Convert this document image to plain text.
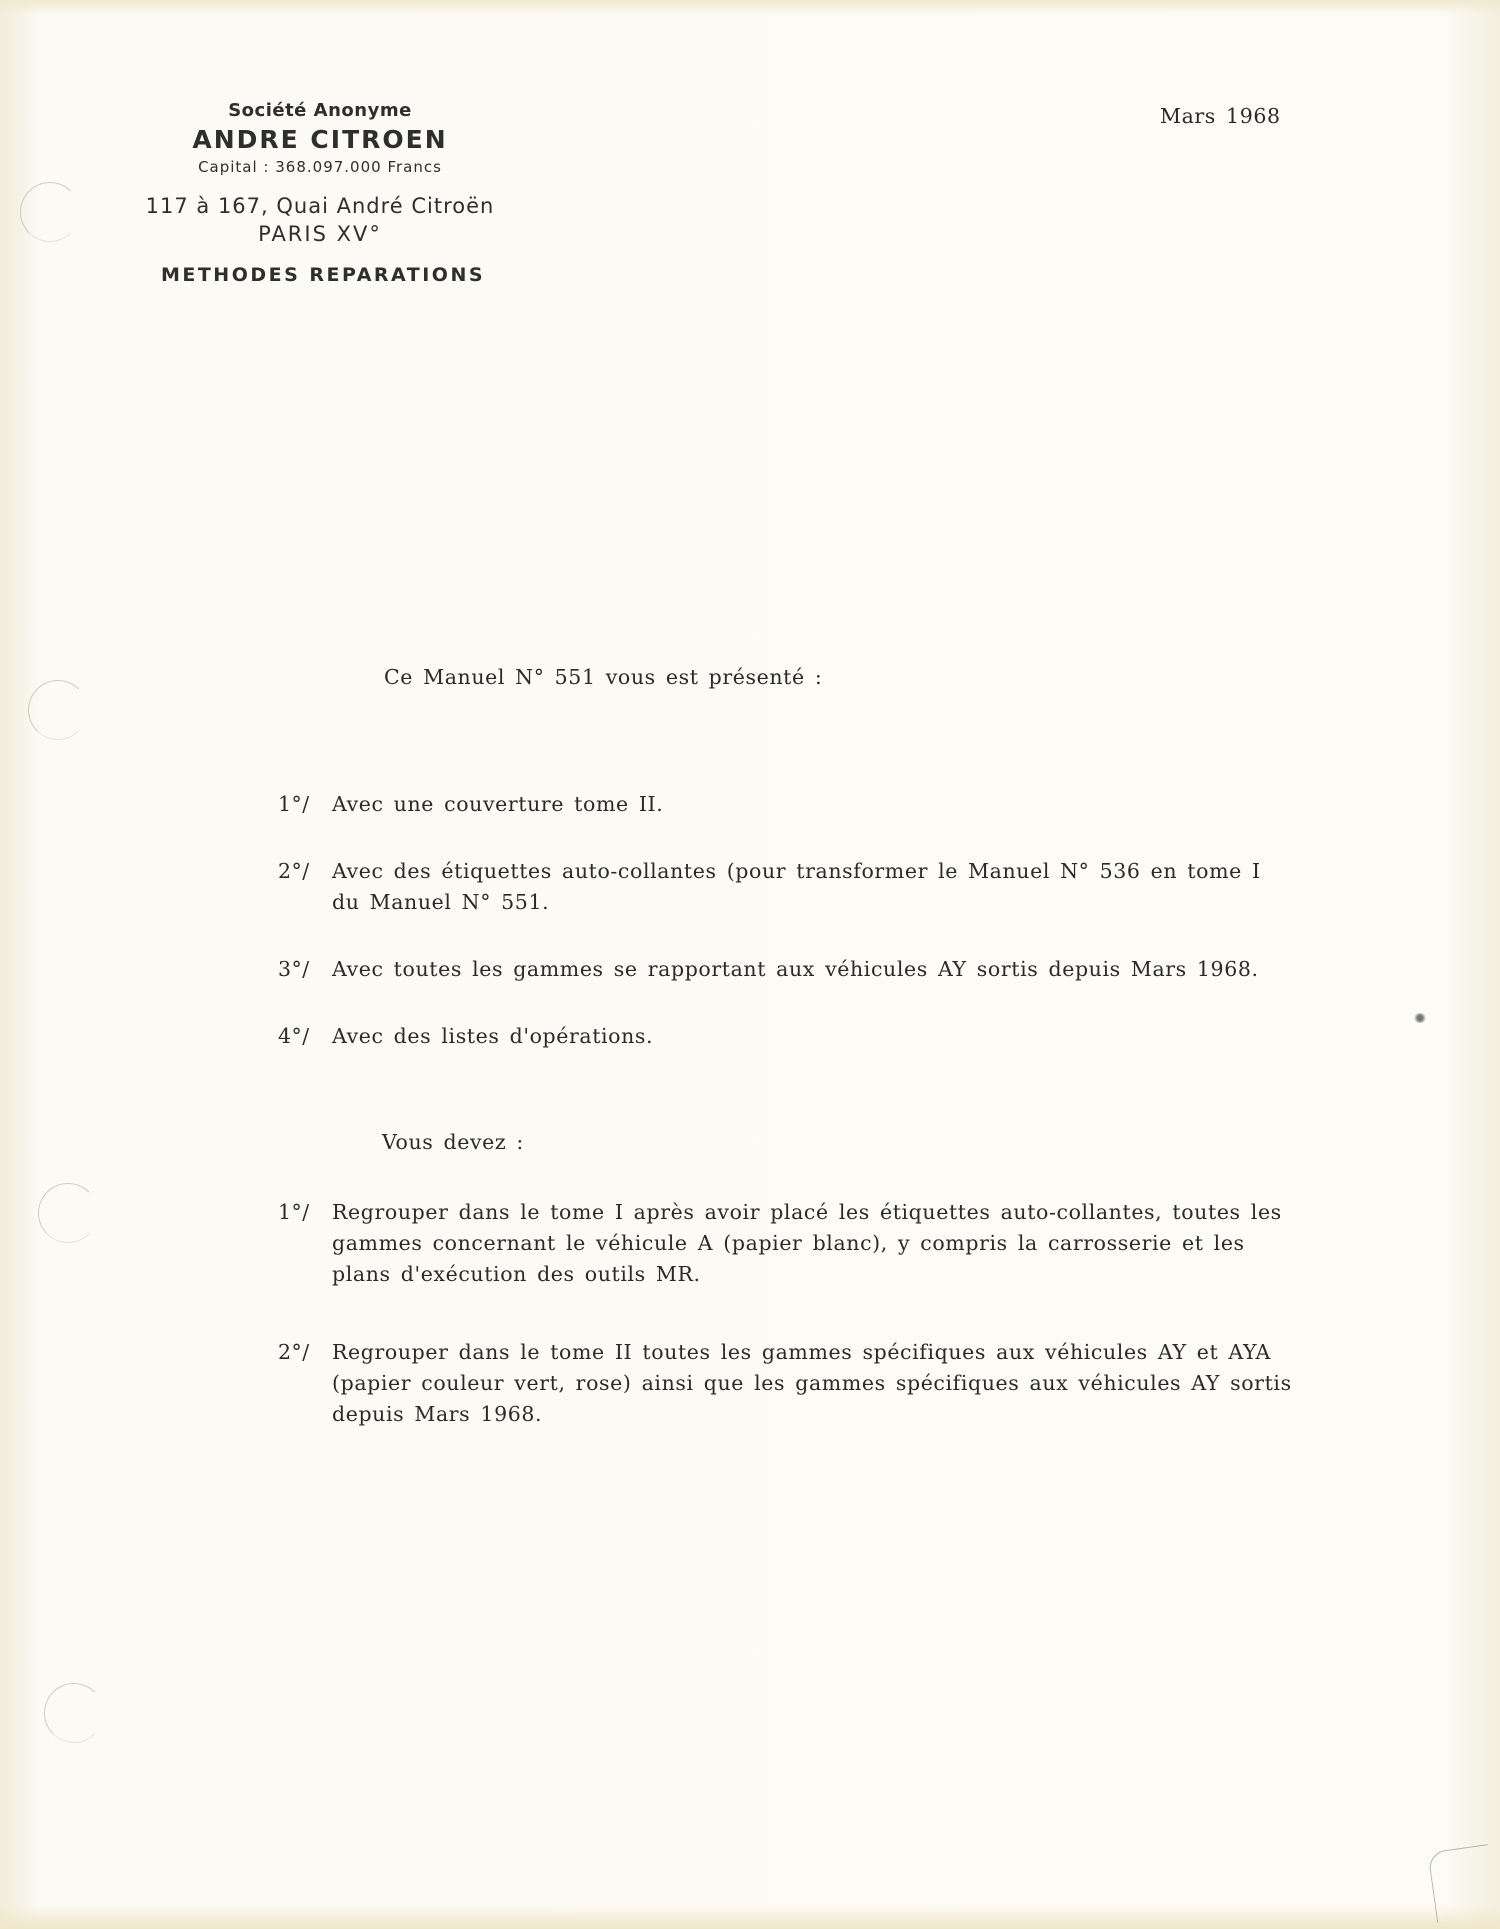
Société Anonyme
ANDRE CITROEN
Capital : 368.097.000 Francs
117 à 167, Quai André Citroën
PARIS XV°
METHODES REPARATIONS
Mars 1968
Ce Manuel N° 551 vous est présenté :
1°/ Avec une couverture tome II.
2°/ Avec des étiquettes auto-collantes (pour transformer le Manuel N° 536 en tome I du Manuel N° 551.
3°/ Avec toutes les gammes se rapportant aux véhicules AY sortis depuis Mars 1968.
4°/ Avec des listes d'opérations.
Vous devez :
1°/ Regrouper dans le tome I après avoir placé les étiquettes auto-collantes, toutes les gammes concernant le véhicule A (papier blanc), y compris la carrosserie et les plans d'exécution des outils MR.
2°/ Regrouper dans le tome II toutes les gammes spécifiques aux véhicules AY et AYA (papier couleur vert, rose) ainsi que les gammes spécifiques aux véhicules AY sortis depuis Mars 1968.
